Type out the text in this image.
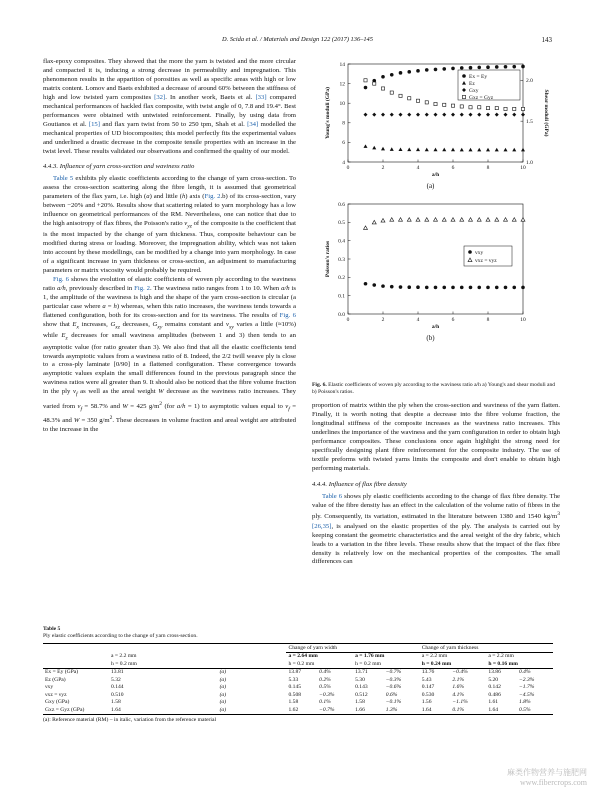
D. Scida et al. / Materials and Design 122 (2017) 136–145	143

flax-epoxy composites. They showed that the more the yarn is twisted and the more circular and compacted it is, inducing a strong decrease in permeability and impregnation. This phenomenon results in the apparition of porosities as well as specific areas with high or low matrix content. Lomov and Baets exhibited a decrease of around 60% between the stiffness of high and low twisted yarn composites [32]. In another work, Baets et al. [33] compared mechanical performances of hackled flax composite, with twist angle of 0, 7.8 and 19.4°. Best performances were obtained with untwisted reinforcement. Finally, by using data from Goutianos et al. [15] and flax yarn twist from 50 to 250 tpm, Shah et al. [34] modelled the mechanical properties of UD biocomposites; this model perfectly fits the experimental values and underlined a drastic decrease in the composite tensile properties with an increase in the twist level. These results validated our observations and confirmed the quality of our model.

4.4.3. Influence of yarn cross-section and waviness ratio

Table 5 exhibits ply elastic coefficients according to the change of yarn cross-section. To assess the cross-section scattering along the fibre length, it is assumed that geometrical parameters of the flax yarn, i.e. high (a) and little (h) axis (Fig. 2.b) of its cross-section, vary between −20% and +20%. Results show that scattering related to yarn morphology has a low influence on geometrical performances of the RM. Nevertheless, one can notice that due to the high anisotropy of flax fibres, the Poisson's ratio $\nu_{yz}$ of the composite is the coefficient that is the most impacted by the change of yarn thickness. Thus, composite behaviour can be modified during stress or loading. Moreover, the impregnation ability, which was not taken into account by these modellings, can be modified by a change into yarn morphology. In case of a significant increase in yarn thickness or cross-section, an adjustment to manufacturing parameters or matrix viscosity would probably be required.

Fig. 6 shows the evolution of elastic coefficients of woven ply according to the waviness ratio a/h, previously described in Fig. 2. The waviness ratio ranges from 1 to 10. When a/h is 1, the amplitude of the waviness is high and the shape of the yarn cross-section is circular (a particular case where a = h) whereas, when this ratio increases, the waviness tends towards a flattened configuration, both for its cross-section and for its waviness. The results of Fig. 6 show that $E_x$ increases, $G_{xz}$ decreases, $G_{xy}$ remains constant and $\nu_{xy}$ varies a little (≈10%) while $E_z$ decreases for small waviness amplitudes (between 1 and 3) then tends to an asymptotic value (for ratio greater than 3). We also find that all the elastic coefficients tend towards asymptotic values from a waviness ratio of 8. Indeed, the 2/2 twill weave ply is close to a cross-ply laminate [0/90] in a flattened configuration. These convergence towards asymptotic values explain the small differences found in the previous paragraph since the waviness ratios were all greater than 9. It should also be noticed that the fibre volume fraction in the ply $v_f$ as well as the areal weight W decrease as the waviness ratio increases. They varied from $v_f = 58.7\%$ and W = 425 $g/m^2$ (for a/h = 1) to asymptotic values equal to $v_f = 48.3\%$ and W = 350 $g/m^2$. These decreases in volume fraction and areal weight are attributed to the increase in the

0	2	4	6	8	10
4
6
8
10
12
14
1.0
1.5
2.0
a/h
Young's moduli (GPa)	Shear moduli (GPa)
(a)
0	2	4	6	8	10
0.0
0.1
0.2
0.3
0.4
0.5
0.6
a/h
Poisson's ratios
(b)
Ex = Ey
Ez
Gxy
Gxz = Gyz
vxy
vxz = vyz
Fig. 6. Elastic coefficients of woven ply according to the waviness ratio a/h a) Young's and shear moduli and b) Poisson's ratios.

proportion of matrix within the ply when the cross-section and waviness of the yarn flatten. Finally, it is worth noting that despite a decrease into the fibre volume fraction, the longitudinal stiffness of the composite increases as the waviness ratio increases. This underlines the importance of the waviness and the yarn configuration in order to obtain high performance composites. These conclusions once again highlight the strong need for specifically designing plant fibre reinforcement for the composite industry. The use of textile preforms with twisted yarns limits the composite and don't enable to obtain high performing materials.

4.4.4. Influence of flax fibre density

Table 6 shows ply elastic coefficients according to the change of flax fibre density. The value of the fibre density has an effect in the calculation of the volume ratio of fibres in the ply. Consequently, its variation, estimated in the literature between 1380 and 1540 $kg/m^3$ [26,35], is analysed on the elastic properties of the ply. The analysis is carried out by keeping constant the geometric characteristics and the areal weight of the dry fabric, which leads to a variation in the fibre levels. These results show that the impact of the flax fibre density is relatively low on the mechanical properties of the composites. The small differences can

Table 5
Ply elastic coefficients according to the change of yarn cross-section.
			Change of yarn width				Change of yarn thickness			
	a = 2.2 mm		a = 2.64 mm		a = 1.76 mm		a = 2.2 mm		a = 2.2 mm	
	h = 0.2 mm		h = 0.2 mm		h = 0.2 mm		h = 0.24 mm		h = 0.16 mm	
Ex = Ey (GPa)	13.81	(a)	13.87	0.4%	13.71	−0.7%	13.76	−0.4%	13.86	0.4%
Ez (GPa)	5.32	(a)	5.33	0.2%	5.30	−0.3%	5.43	2.1%	5.20	−2.3%
νxy	0.144	(a)	0.145	0.5%	0.143	−0.6%	0.147	1.6%	0.142	−1.7%
νxz = νyz	0.510	(a)	0.508	−0.3%	0.512	0.6%	0.530	4.1%	0.486	−4.5%
Gxy (GPa)	1.58	(a)	1.58	0.1%	1.58	−0.1%	1.56	−1.1%	1.61	1.8%
Gxz = Gyz (GPa)	1.64	(a)	1.62	−0.7%	1.66	1.3%	1.64	0.1%	1.64	0.5%
(a): Reference material (RM) – in italic, variation from the reference material
麻类作物营养与施肥网
www.fibercrops.com
